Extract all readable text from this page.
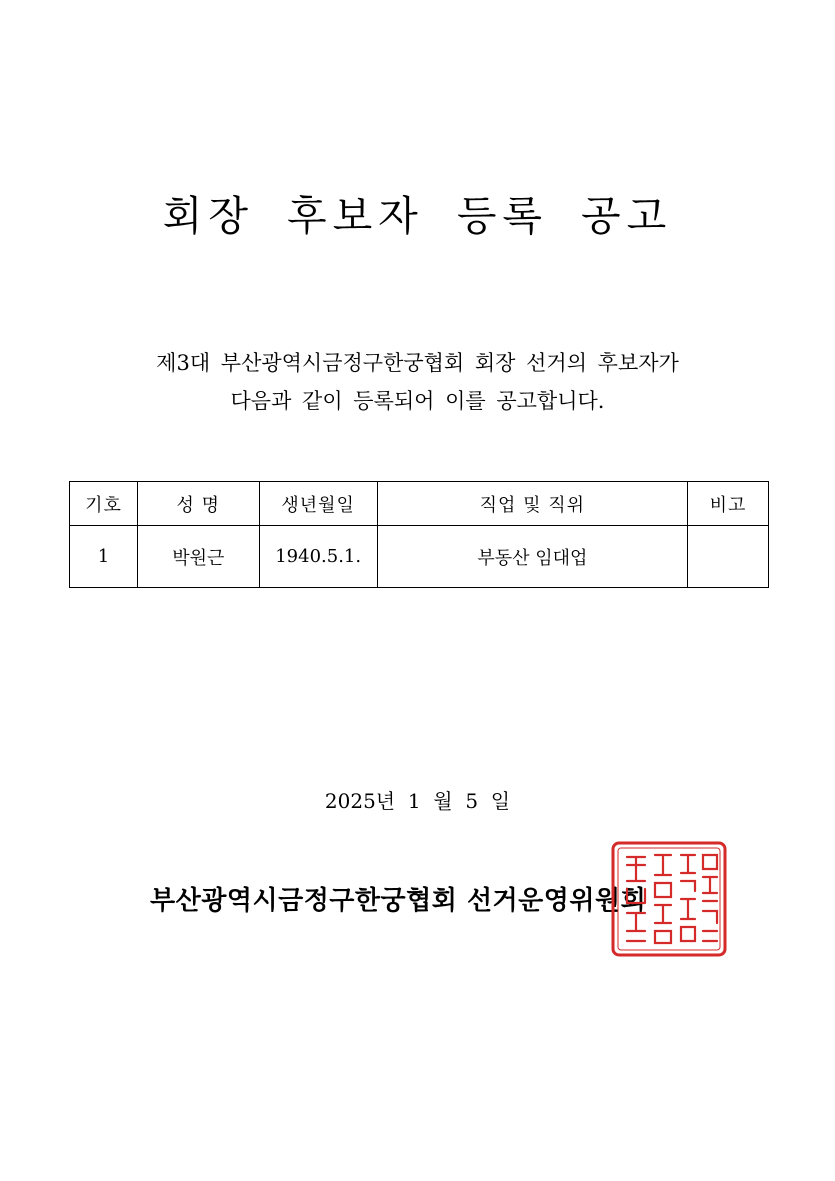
회장 후보자 등록 공고
제3대 부산광역시금정구한궁협회 회장 선거의 후보자가
다음과 같이 등록되어 이를 공고합니다.
기호	성 명	생년월일	직업 및 직위	비고
1	박원근	1940.5.1.	부동산 임대업	
2025년  1  월  5  일
부산광역시금정구한궁협회 선거운영위원회
